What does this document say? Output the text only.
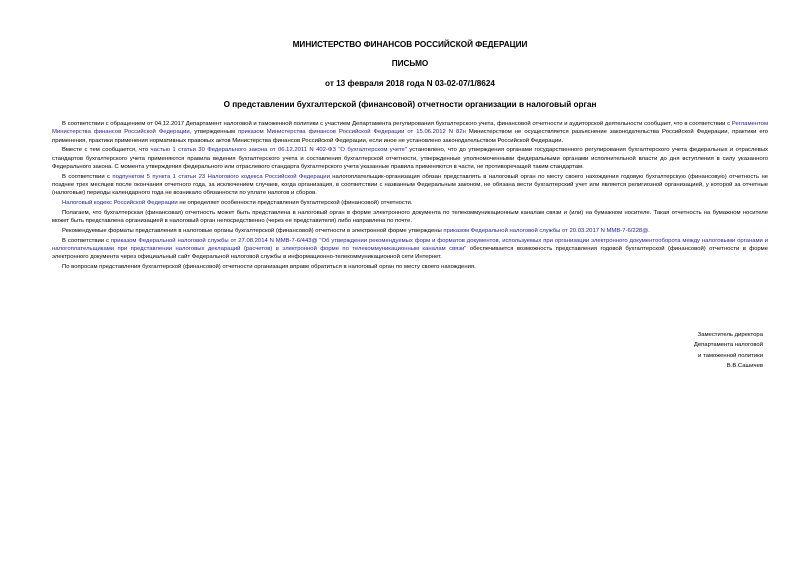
МИНИСТЕРСТВО ФИНАНСОВ РОССИЙСКОЙ ФЕДЕРАЦИИ
ПИСЬМО
от 13 февраля 2018 года N 03-02-07/1/8624
О представлении бухгалтерской (финансовой) отчетности организации в налоговый орган

В соответствии с обращением от 04.12.2017 Департамент налоговой и таможенной политики с участием Департамента регулирования бухгалтерского учета, финансовой отчетности и аудиторской деятельности сообщает, что в соответствии с Регламентом Министерства финансов Российской Федерации, утвержденным приказом Министерства финансов Российской Федерации от 15.06.2012 N 82н Министерством не осуществляется разъяснение законодательства Российской Федерации, практики его применения, практики применения нормативных правовых актов Министерства финансов Российской Федерации, если иное не установлено законодательством Российской Федерации.

Вместе с тем сообщается, что частью 1 статьи 30 Федерального закона от 06.12.2011 N 402-ФЗ "О бухгалтерском учете" установлено, что до утверждения органами государственного регулирования бухгалтерского учета федеральных и отраслевых стандартов бухгалтерского учета применяются правила ведения бухгалтерского учета и составления бухгалтерской отчетности, утвержденные уполномоченными федеральными органами исполнительной власти до дня вступления в силу указанного Федерального закона. С момента утверждения федерального или отраслевого стандарта бухгалтерского учета указанные правила применяются в части, не противоречащей таким стандартам.

В соответствии с подпунктом 5 пункта 1 статьи 23 Налогового кодекса Российской Федерации налогоплательщик-организация обязан представлять в налоговый орган по месту своего нахождения годовую бухгалтерскую (финансовую) отчетность не позднее трех месяцев после окончания отчетного года, за исключением случаев, когда организация, в соответствии с названным Федеральным законом, не обязана вести бухгалтерский учет или является религиозной организацией, у которой за отчетные (налоговые) периоды календарного года не возникало обязанности по уплате налогов и сборов.

Налоговый кодекс Российской Федерации не определяет особенности представления бухгалтерской (финансовой) отчетности.

Полагаем, что бухгалтерская (финансовая) отчетность может быть представлена в налоговый орган в форме электронного документа по телекоммуникационным каналам связи и (или) на бумажном носителе. Такая отчетность на бумажном носителе может быть представлена организацией в налоговый орган непосредственно (через ее представителя) либо направлена по почте.

Рекомендуемые форматы представления в налоговые органы бухгалтерской (финансовой) отчетности в электронной форме утверждены приказом Федеральной налоговой службы от 20.03.2017 N ММВ-7-6/228@.

В соответствии с приказом Федеральной налоговой службы от 27.08.2014 N ММВ-7-6/443@ "Об утверждении рекомендуемых форм и форматов документов, используемых при организации электронного документооборота между налоговыми органами и налогоплательщиками при представлении налоговых деклараций (расчетов) в электронной форме по телекоммуникационным каналам связи" обеспечивается возможность представления годовой бухгалтерской (финансовой) отчетности в форме электронного документа через официальный сайт Федеральной налоговой службы в информационно-телекоммуникационной сети Интернет.

По вопросам представления бухгалтерской (финансовой) отчетности организация вправе обратиться в налоговый орган по месту своего нахождения.

Заместитель директора
Департамента налоговой
и таможенной политики
В.В.Сашичев
